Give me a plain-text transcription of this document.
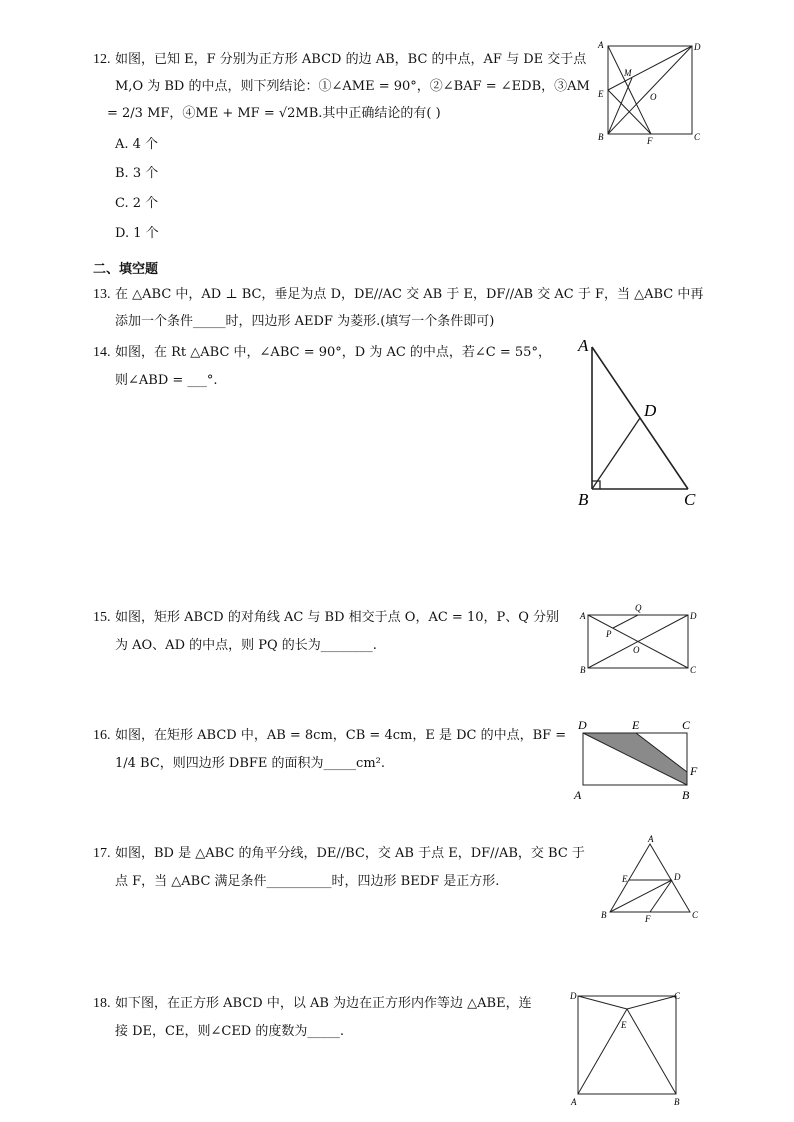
12. 如图，已知 E，F 分别为正方形 ABCD 的边 AB，BC 的中点，AF 与 DE 交于点
M,O 为 BD 的中点，则下列结论：①∠AME = 90°，②∠BAF = ∠EDB，③AM
= 2/3 MF，④ME + MF = √2MB.其中正确结论的有( )
A. 4 个
B. 3 个
C. 2 个
D. 1 个
A	D
M
E	O
B	F	C
二、填空题
13. 在 △ABC 中，AD ⊥ BC，垂足为点 D，DE//AC 交 AB 于 E，DF//AB 交 AC 于 F，当 △ABC 中再
添加一个条件_____时，四边形 AEDF 为菱形.(填写一个条件即可)
14. 如图，在 Rt △ABC 中，∠ABC = 90°，D 为 AC 的中点，若∠C = 55°，
则∠ABD = ___°.
A
D
B	C
15. 如图，矩形 ABCD 的对角线 AC 与 BD 相交于点 O，AC = 10，P、Q 分别
为 AO、AD 的中点，则 PQ 的长为________.
A
Q
D
P
O
B	C
16. 如图，在矩形 ABCD 中，AB = 8cm，CB = 4cm，E 是 DC 的中点，BF =
1/4 BC，则四边形 DBFE 的面积为_____cm².
D	E	C
F
A	B
17. 如图，BD 是 △ABC 的角平分线，DE//BC，交 AB 于点 E，DF//AB，交 BC 于
点 F，当 △ABC 满足条件__________时，四边形 BEDF 是正方形.
A
E	D
B	F	C
18. 如下图，在正方形 ABCD 中，以 AB 为边在正方形内作等边 △ABE，连
接 DE，CE，则∠CED 的度数为_____.
D	C
E
A	B
